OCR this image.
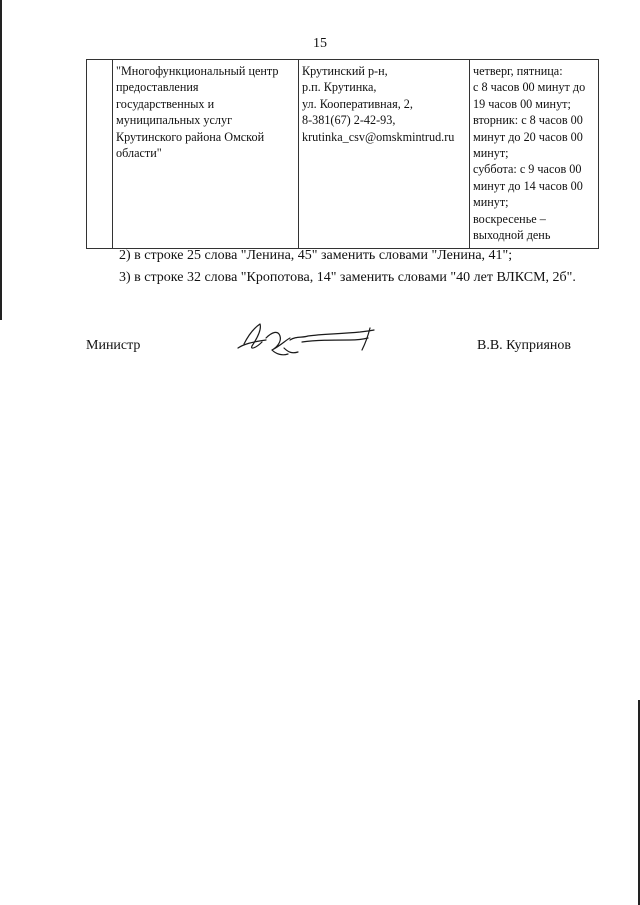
15

"Многофункциональный центр
предоставления
государственных и
муниципальных услуг
Крутинского района Омской
области"

Крутинский р-н,
р.п. Крутинка,
ул. Кооперативная, 2,
8-381(67) 2-42-93,
krutinka_csv@omskmintrud.ru

четверг, пятница:
с 8 часов 00 минут до
19 часов 00 минут;
вторник: с 8 часов 00
минут до 20 часов 00
минут;
суббота: с 9 часов 00
минут до 14 часов 00
минут;
воскресенье –
выходной день
2) в строке 25 слова "Ленина, 45" заменить словами "Ленина, 41";
3) в строке 32 слова "Кропотова, 14" заменить словами "40 лет ВЛКСМ, 2б".
Министр	В.В. Куприянов
